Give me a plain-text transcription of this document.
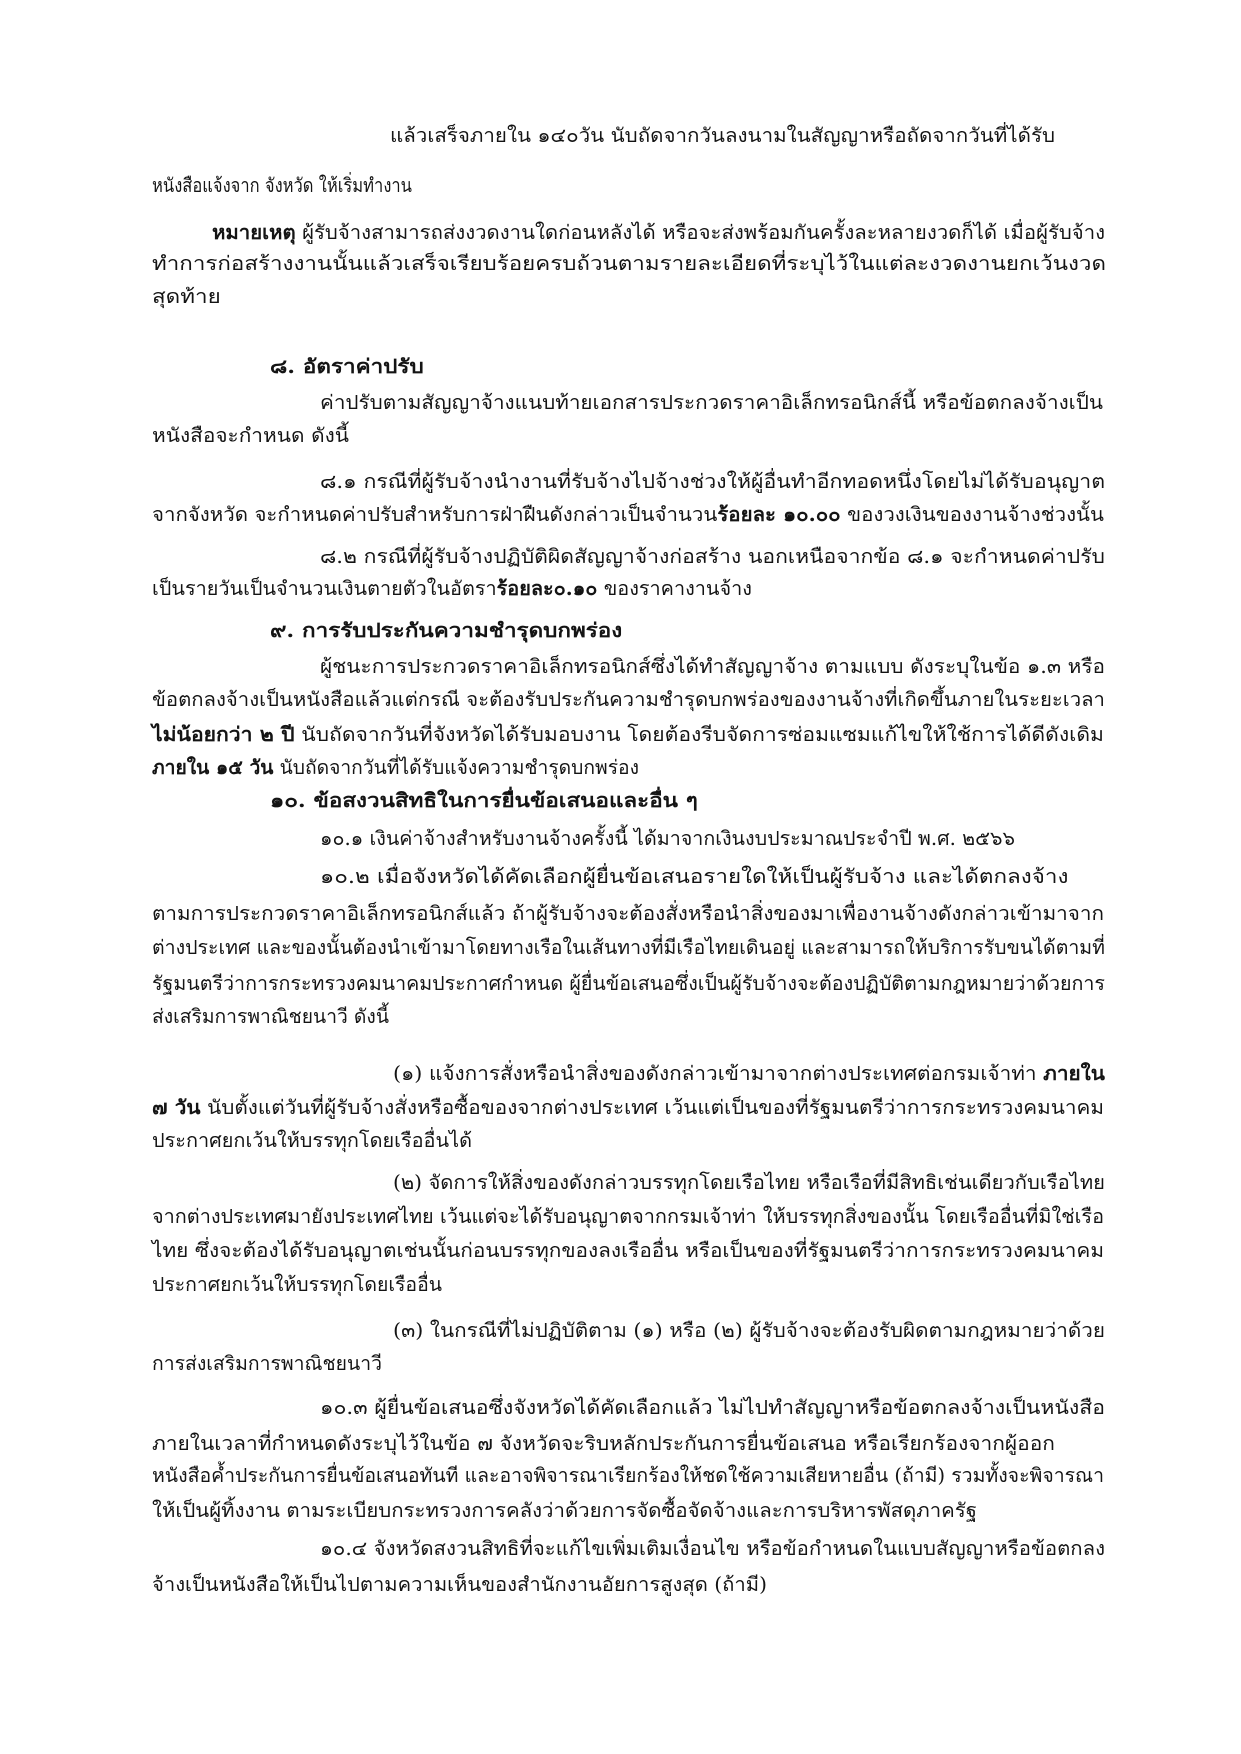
แล้วเสร็จภายใน ๑๔๐วัน นับถัดจากวันลงนามในสัญญาหรือถัดจากวันที่ได้รับ
หนังสือแจ้งจาก จังหวัด ให้เริ่มทำงาน
หมายเหตุ ผู้รับจ้างสามารถส่งงวดงานใดก่อนหลังได้ หรือจะส่งพร้อมกันครั้งละหลายงวดก็ได้ เมื่อผู้รับจ้าง
ทำการก่อสร้างงานนั้นแล้วเสร็จเรียบร้อยครบถ้วนตามรายละเอียดที่ระบุไว้ในแต่ละงวดงานยกเว้นงวด
สุดท้าย
๘. อัตราค่าปรับ
ค่าปรับตามสัญญาจ้างแนบท้ายเอกสารประกวดราคาอิเล็กทรอนิกส์นี้ หรือข้อตกลงจ้างเป็น
หนังสือจะกำหนด ดังนี้
๘.๑ กรณีที่ผู้รับจ้างนำงานที่รับจ้างไปจ้างช่วงให้ผู้อื่นทำอีกทอดหนึ่งโดยไม่ได้รับอนุญาต
จากจังหวัด จะกำหนดค่าปรับสำหรับการฝ่าฝืนดังกล่าวเป็นจำนวนร้อยละ ๑๐.๐๐ ของวงเงินของงานจ้างช่วงนั้น
๘.๒ กรณีที่ผู้รับจ้างปฏิบัติผิดสัญญาจ้างก่อสร้าง นอกเหนือจากข้อ ๘.๑ จะกำหนดค่าปรับ
เป็นรายวันเป็นจำนวนเงินตายตัวในอัตราร้อยละ๐.๑๐ ของราคางานจ้าง
๙. การรับประกันความชำรุดบกพร่อง
ผู้ชนะการประกวดราคาอิเล็กทรอนิกส์ซึ่งได้ทำสัญญาจ้าง ตามแบบ ดังระบุในข้อ ๑.๓ หรือ
ข้อตกลงจ้างเป็นหนังสือแล้วแต่กรณี จะต้องรับประกันความชำรุดบกพร่องของงานจ้างที่เกิดขึ้นภายในระยะเวลา
ไม่น้อยกว่า ๒ ปี นับถัดจากวันที่จังหวัดได้รับมอบงาน โดยต้องรีบจัดการซ่อมแซมแก้ไขให้ใช้การได้ดีดังเดิม
ภายใน ๑๕ วัน นับถัดจากวันที่ได้รับแจ้งความชำรุดบกพร่อง
๑๐. ข้อสงวนสิทธิในการยื่นข้อเสนอและอื่น ๆ
๑๐.๑ เงินค่าจ้างสำหรับงานจ้างครั้งนี้ ได้มาจากเงินงบประมาณประจำปี พ.ศ. ๒๕๖๖
๑๐.๒ เมื่อจังหวัดได้คัดเลือกผู้ยื่นข้อเสนอรายใดให้เป็นผู้รับจ้าง และได้ตกลงจ้าง
ตามการประกวดราคาอิเล็กทรอนิกส์แล้ว ถ้าผู้รับจ้างจะต้องสั่งหรือนำสิ่งของมาเพื่องานจ้างดังกล่าวเข้ามาจาก
ต่างประเทศ และของนั้นต้องนำเข้ามาโดยทางเรือในเส้นทางที่มีเรือไทยเดินอยู่ และสามารถให้บริการรับขนได้ตามที่
รัฐมนตรีว่าการกระทรวงคมนาคมประกาศกำหนด ผู้ยื่นข้อเสนอซึ่งเป็นผู้รับจ้างจะต้องปฏิบัติตามกฎหมายว่าด้วยการ
ส่งเสริมการพาณิชยนาวี ดังนี้
(๑) แจ้งการสั่งหรือนำสิ่งของดังกล่าวเข้ามาจากต่างประเทศต่อกรมเจ้าท่า ภายใน
๗ วัน นับตั้งแต่วันที่ผู้รับจ้างสั่งหรือซื้อของจากต่างประเทศ เว้นแต่เป็นของที่รัฐมนตรีว่าการกระทรวงคมนาคม
ประกาศยกเว้นให้บรรทุกโดยเรืออื่นได้
(๒) จัดการให้สิ่งของดังกล่าวบรรทุกโดยเรือไทย หรือเรือที่มีสิทธิเช่นเดียวกับเรือไทย
จากต่างประเทศมายังประเทศไทย เว้นแต่จะได้รับอนุญาตจากกรมเจ้าท่า ให้บรรทุกสิ่งของนั้น โดยเรืออื่นที่มิใช่เรือ
ไทย ซึ่งจะต้องได้รับอนุญาตเช่นนั้นก่อนบรรทุกของลงเรืออื่น หรือเป็นของที่รัฐมนตรีว่าการกระทรวงคมนาคม
ประกาศยกเว้นให้บรรทุกโดยเรืออื่น
(๓) ในกรณีที่ไม่ปฏิบัติตาม (๑) หรือ (๒) ผู้รับจ้างจะต้องรับผิดตามกฎหมายว่าด้วย
การส่งเสริมการพาณิชยนาวี
๑๐.๓ ผู้ยื่นข้อเสนอซึ่งจังหวัดได้คัดเลือกแล้ว ไม่ไปทำสัญญาหรือข้อตกลงจ้างเป็นหนังสือ
ภายในเวลาที่กำหนดดังระบุไว้ในข้อ ๗ จังหวัดจะริบหลักประกันการยื่นข้อเสนอ หรือเรียกร้องจากผู้ออก
หนังสือค้ำประกันการยื่นข้อเสนอทันที และอาจพิจารณาเรียกร้องให้ชดใช้ความเสียหายอื่น (ถ้ามี) รวมทั้งจะพิจารณา
ให้เป็นผู้ทิ้งงาน ตามระเบียบกระทรวงการคลังว่าด้วยการจัดซื้อจัดจ้างและการบริหารพัสดุภาครัฐ
๑๐.๔ จังหวัดสงวนสิทธิที่จะแก้ไขเพิ่มเติมเงื่อนไข หรือข้อกำหนดในแบบสัญญาหรือข้อตกลง
จ้างเป็นหนังสือให้เป็นไปตามความเห็นของสำนักงานอัยการสูงสุด (ถ้ามี)
